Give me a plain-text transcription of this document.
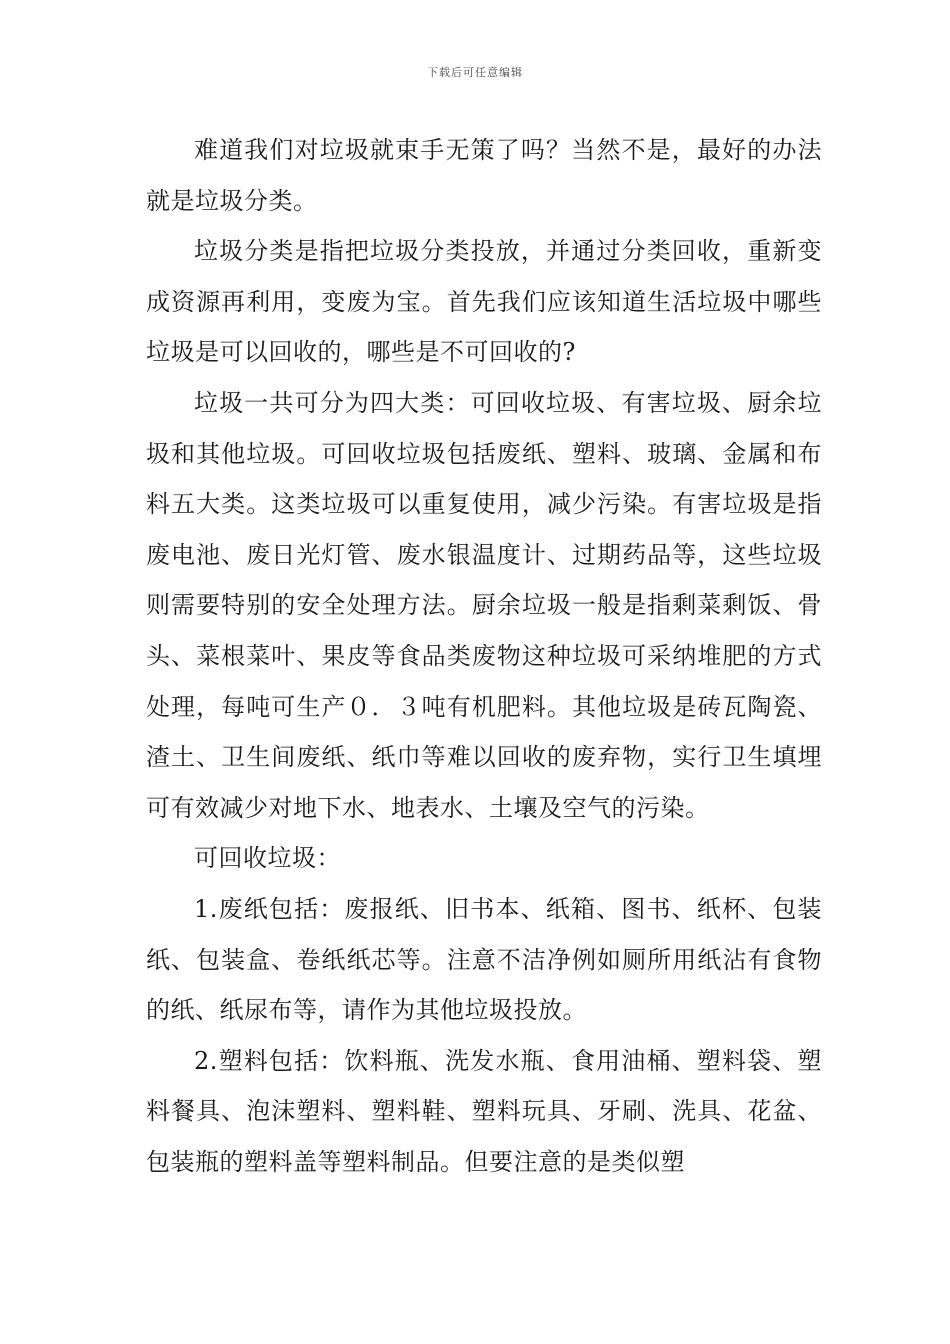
下载后可任意编辑

难道我们对垃圾就束手无策了吗？当然不是，最好的办法就是垃圾分类。

垃圾分类是指把垃圾分类投放，并通过分类回收，重新变成资源再利用，变废为宝。首先我们应该知道生活垃圾中哪些垃圾是可以回收的，哪些是不可回收的?

垃圾一共可分为四大类：可回收垃圾、有害垃圾、厨余垃圾和其他垃圾。可回收垃圾包括废纸、塑料、玻璃、金属和布料五大类。这类垃圾可以重复使用，减少污染。有害垃圾是指废电池、废日光灯管、废水银温度计、过期药品等，这些垃圾则需要特别的安全处理方法。厨余垃圾一般是指剩菜剩饭、骨头、菜根菜叶、果皮等食品类废物这种垃圾可采纳堆肥的方式处理，每吨可生产０．３吨有机肥料。其他垃圾是砖瓦陶瓷、渣土、卫生间废纸、纸巾等难以回收的废弃物，实行卫生填埋可有效减少对地下水、地表水、土壤及空气的污染。

可回收垃圾：

1.废纸包括：废报纸、旧书本、纸箱、图书、纸杯、包装纸、包装盒、卷纸纸芯等。注意不洁净例如厕所用纸沾有食物的纸、纸尿布等，请作为其他垃圾投放。

2.塑料包括：饮料瓶、洗发水瓶、食用油桶、塑料袋、塑料餐具、泡沫塑料、塑料鞋、塑料玩具、牙刷、洗具、花盆、包装瓶的塑料盖等塑料制品。但要注意的是类似塑
